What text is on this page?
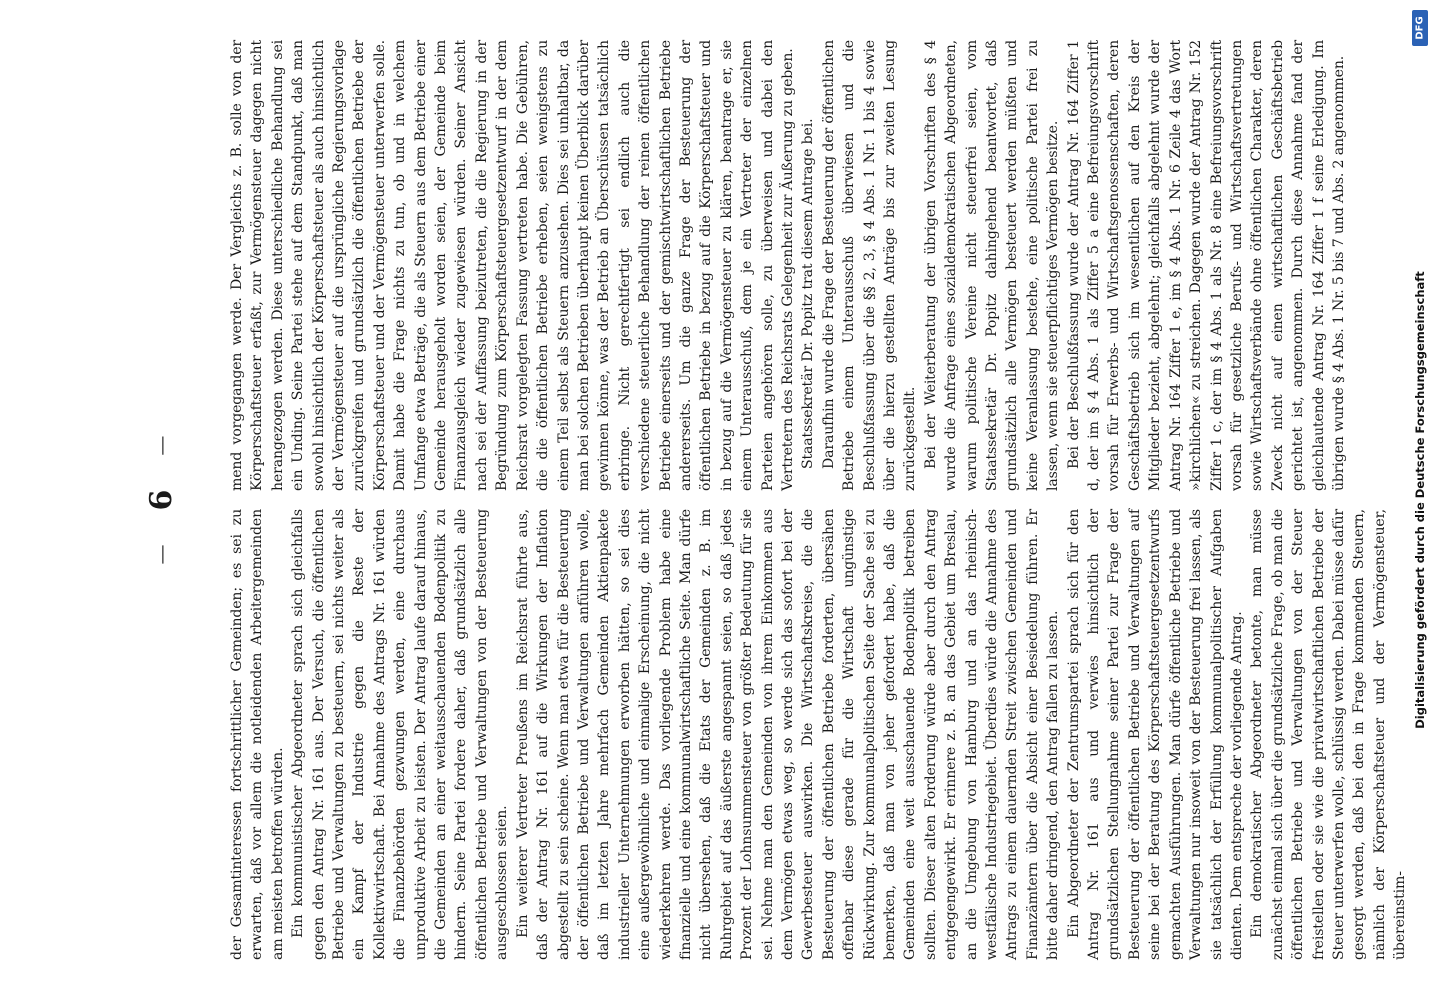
—
6
—

der Gesamtinteressen fortschrittlicher Gemeinden; es sei zu erwarten, daß vor allem die notleidenden Arbeitergemeinden am meisten betroffen würden. Ein kommunistischer Abgeordneter sprach sich gleichfalls gegen den Antrag Nr. 161 aus. Der Versuch, die öffentlichen Betriebe und Verwaltungen zu besteuern, sei nichts weiter als ein Kampf der Industrie gegen die Reste der Kollektivwirtschaft. Bei Annahme des Antrags Nr. 161 würden die Finanzbehörden gezwungen werden, eine durchaus unproduktive Arbeit zu leisten. Der Antrag laufe darauf hinaus, die Gemeinden an einer weitausschauenden Bodenpolitik zu hindern. Seine Partei fordere daher, daß grundsätzlich alle öffentlichen Betriebe und Verwaltungen von der Besteuerung ausgeschlossen seien. Ein weiterer Vertreter Preußens im Reichsrat führte aus, daß der Antrag Nr. 161 auf die Wirkungen der Inflation abgestellt zu sein scheine. Wenn man etwa für die Besteuerung der öffentlichen Betriebe und Verwaltungen anführen wolle, daß im letzten Jahre mehrfach Gemeinden Aktienpakete industrieller Unternehmungen erworben hätten, so sei dies eine außergewöhnliche und einmalige Erscheinung, die nicht wiederkehren werde. Das vorliegende Problem habe eine finanzielle und eine kommunalwirtschaftliche Seite. Man dürfe nicht übersehen, daß die Etats der Gemeinden z. B. im Ruhrgebiet auf das äußerste angespannt seien, so daß jedes Prozent der Lohnsummensteuer von größter Bedeutung für sie sei. Nehme man den Gemeinden von ihrem Einkommen aus dem Vermögen etwas weg, so werde sich das sofort bei der Gewerbesteuer auswirken. Die Wirtschaftskreise, die die Besteuerung der öffentlichen Betriebe forderten, übersähen offenbar diese gerade für die Wirtschaft ungünstige Rückwirkung. Zur kommunalpolitischen Seite der Sache sei zu bemerken, daß man von jeher gefordert habe, daß die Gemeinden eine weit ausschauende Bodenpolitik betreiben sollten. Dieser alten Forderung würde aber durch den Antrag entgegengewirkt. Er erinnere z. B. an das Gebiet um Breslau, an die Umgebung von Hamburg und an das rheinisch-westfälische Industriegebiet. Überdies würde die Annahme des Antrags zu einem dauernden Streit zwischen Gemeinden und Finanzämtern über die Absicht einer Besiedelung führen. Er bitte daher dringend, den Antrag fallen zu lassen. Ein Abgeordneter der Zentrumspartei sprach sich für den Antrag Nr. 161 aus und verwies hinsichtlich der grundsätzlichen Stellungnahme seiner Partei zur Frage der Besteuerung der öffentlichen Betriebe und Verwaltungen auf seine bei der Beratung des Körperschaftsteuergesetzentwurfs gemachten Ausführungen. Man dürfe öffentliche Betriebe und Verwaltungen nur insoweit von der Besteuerung frei lassen, als sie tatsächlich der Erfüllung kommunalpolitischer Aufgaben dienten. Dem entspreche der vorliegende Antrag. Ein demokratischer Abgeordneter betonte, man müsse zunächst einmal sich über die grundsätzliche Frage, ob man die öffentlichen Betriebe und Verwaltungen von der Steuer freistellen oder sie wie die privatwirtschaftlichen Betriebe der Steuer unterwerfen wolle, schlüssig werden. Dabei müsse dafür gesorgt werden, daß bei den in Frage kommenden Steuern, nämlich der Körperschaftsteuer und der Vermögensteuer, übereinstim-

mend vorgegangen werde. Der Vergleichs z. B. solle von der Körperschaftsteuer erfaßt, zur Vermögensteuer dagegen nicht herangezogen werden. Diese unterschiedliche Behandlung sei ein Unding. Seine Partei stehe auf dem Standpunkt, daß man sowohl hinsichtlich der Körperschaftsteuer als auch hinsichtlich der Vermögensteuer auf die ursprüngliche Regierungsvorlage zurückgreifen und grundsätzlich die öffentlichen Betriebe der Körperschaftsteuer und der Vermögensteuer unterwerfen solle. Damit habe die Frage nichts zu tun, ob und in welchem Umfange etwa Beträge, die als Steuern aus dem Betriebe einer Gemeinde herausgeholt worden seien, der Gemeinde beim Finanzausgleich wieder zugewiesen würden. Seiner Ansicht nach sei der Auffassung beizutreten, die die Regierung in der Begründung zum Körperschaftsteuergesetzentwurf in der dem Reichsrat vorgelegten Fassung vertreten habe. Die Gebühren, die die öffentlichen Betriebe erheben, seien wenigstens zu einem Teil selbst als Steuern anzusehen. Dies sei unhaltbar, da man bei solchen Betrieben überhaupt keinen Überblick darüber gewinnen könne, was der Betrieb an Überschüssen tatsächlich erbringe. Nicht gerechtfertigt sei endlich auch die verschiedene steuerliche Behandlung der reinen öffentlichen Betriebe einerseits und der gemischtwirtschaftlichen Betriebe andererseits. Um die ganze Frage der Besteuerung der öffentlichen Betriebe in bezug auf die Körperschaftsteuer und in bezug auf die Vermögensteuer zu klären, beantrage er, sie einem Unterausschuß, dem je ein Vertreter der einzelnen Parteien angehören solle, zu überweisen und dabei den Vertretern des Reichsrats Gelegenheit zur Äußerung zu geben. Staatssekretär Dr. Popitz trat diesem Antrage bei. Daraufhin wurde die Frage der Besteuerung der öffentlichen Betriebe einem Unterausschuß überwiesen und die Beschlußfassung über die §§ 2, 3, § 4 Abs. 1 Nr. 1 bis 4 sowie über die hierzu gestellten Anträge bis zur zweiten Lesung zurückgestellt. Bei der Weiterberatung der übrigen Vorschriften des § 4 wurde die Anfrage eines sozialdemokratischen Abgeordneten, warum politische Vereine nicht steuerfrei seien, vom Staatssekretär Dr. Popitz dahingehend beantwortet, daß grundsätzlich alle Vermögen besteuert werden müßten und keine Veranlassung bestehe, eine politische Partei frei zu lassen, wenn sie steuerpflichtiges Vermögen besitze. Bei der Beschlußfassung wurde der Antrag Nr. 164 Ziffer 1 d, der im § 4 Abs. 1 als Ziffer 5 a eine Befreiungsvorschrift vorsah für Erwerbs- und Wirtschaftsgenossenschaften, deren Geschäftsbetrieb sich im wesentlichen auf den Kreis der Mitglieder bezieht, abgelehnt; gleichfalls abgelehnt wurde der Antrag Nr. 164 Ziffer 1 e, im § 4 Abs. 1 Nr. 6 Zeile 4 das Wort »kirchlichen« zu streichen. Dagegen wurde der Antrag Nr. 152 Ziffer 1 c, der im § 4 Abs. 1 als Nr. 8 eine Befreiungsvorschrift vorsah für gesetzliche Berufs- und Wirtschaftsvertretungen sowie Wirtschaftsverbände ohne öffentlichen Charakter, deren Zweck nicht auf einen wirtschaftlichen Geschäftsbetrieb gerichtet ist, angenommen. Durch diese Annahme fand der gleichlautende Antrag Nr. 164 Ziffer 1 f seine Erledigung. Im übrigen wurde § 4 Abs. 1 Nr. 5 bis 7 und Abs. 2 angenommen.

DFG
Digitalisierung gefördert durch die Deutsche Forschungsgemeinschaft
